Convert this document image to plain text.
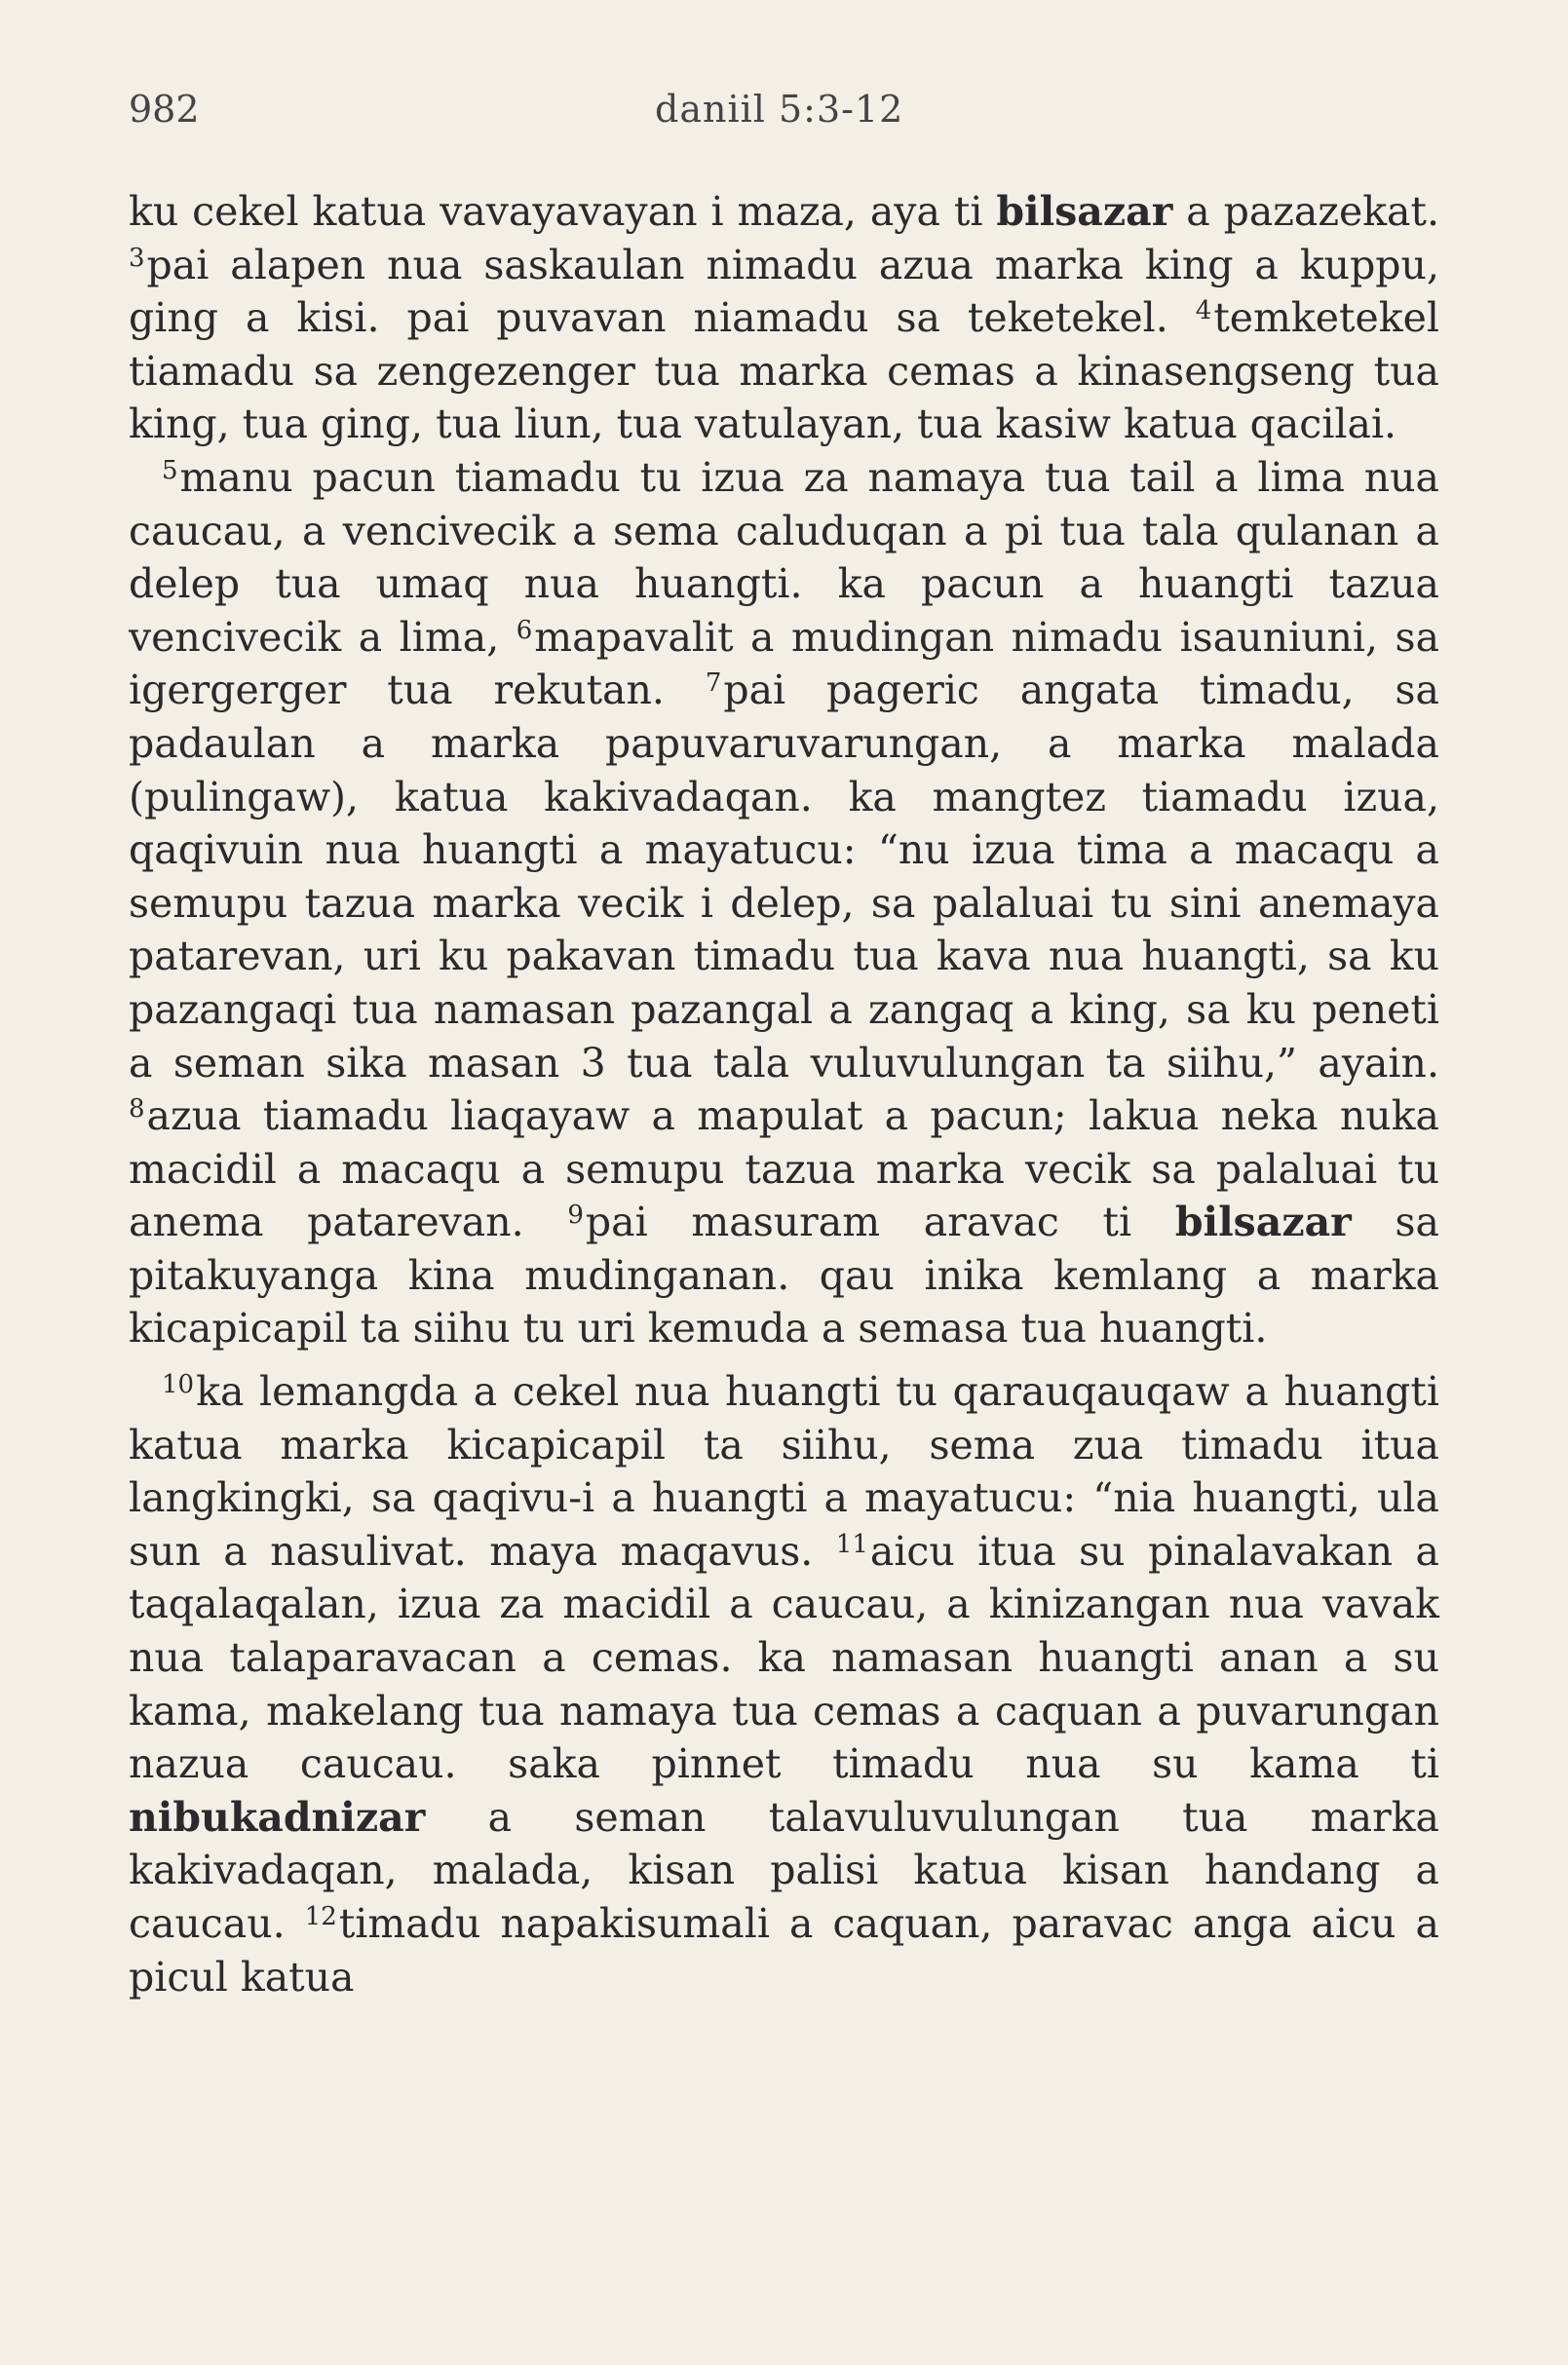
982	daniil 5:3-12

ku cekel katua vavayavayan i maza, aya ti bilsazar a pazazekat. $^3$pai alapen nua saskaulan nimadu azua marka king a kuppu, ging a kisi. pai puvavan niamadu sa teketekel. $^4$temketekel tiamadu sa zengezenger tua marka cemas a kinasengseng tua king, tua ging, tua liun, tua vatulayan, tua kasiw katua qacilai.

$^5$manu pacun tiamadu tu izua za namaya tua tail a lima nua caucau, a vencivecik a sema caluduqan a pi tua tala qulanan a delep tua umaq nua huangti. ka pacun a huangti tazua vencivecik a lima, $^6$mapavalit a mudingan nimadu isauniuni, sa igergerger tua rekutan. $^7$pai pageric angata timadu, sa padaulan a marka papuvaruvarungan, a marka malada (pulingaw), katua kakivadaqan. ka mangtez tiamadu izua, qaqivuin nua huangti a mayatucu: “nu izua tima a macaqu a semupu tazua marka vecik i delep, sa palaluai tu sini anemaya patarevan, uri ku pakavan timadu tua kava nua huangti, sa ku pazangaqi tua namasan pazangal a zangaq a king, sa ku peneti a seman sika masan 3 tua tala vuluvulungan ta siihu,” ayain. $^8$azua tiamadu liaqayaw a mapulat a pacun; lakua neka nuka macidil a macaqu a semupu tazua marka vecik sa palaluai tu anema patarevan. $^9$pai masuram aravac ti bilsazar sa pitakuyanga kina mudinganan. qau inika kemlang a marka kicapicapil ta siihu tu uri kemuda a semasa tua huangti.

$^{10}$ka lemangda a cekel nua huangti tu qarauqauqaw a huangti katua marka kicapicapil ta siihu, sema zua timadu itua langkingki, sa qaqivu-i a huangti a mayatucu: “nia huangti, ula sun a nasulivat. maya maqavus. $^{11}$aicu itua su pinalavakan a taqalaqalan, izua za macidil a caucau, a kinizangan nua vavak nua talaparavacan a cemas. ka namasan huangti anan a su kama, makelang tua namaya tua cemas a caquan a puvarungan nazua caucau. saka pinnet timadu nua su kama ti nibukadnizar a seman talavuluvulungan tua marka kakivadaqan, malada, kisan palisi katua kisan handang a caucau. $^{12}$timadu napakisumali a caquan, paravac anga aicu a picul katua
